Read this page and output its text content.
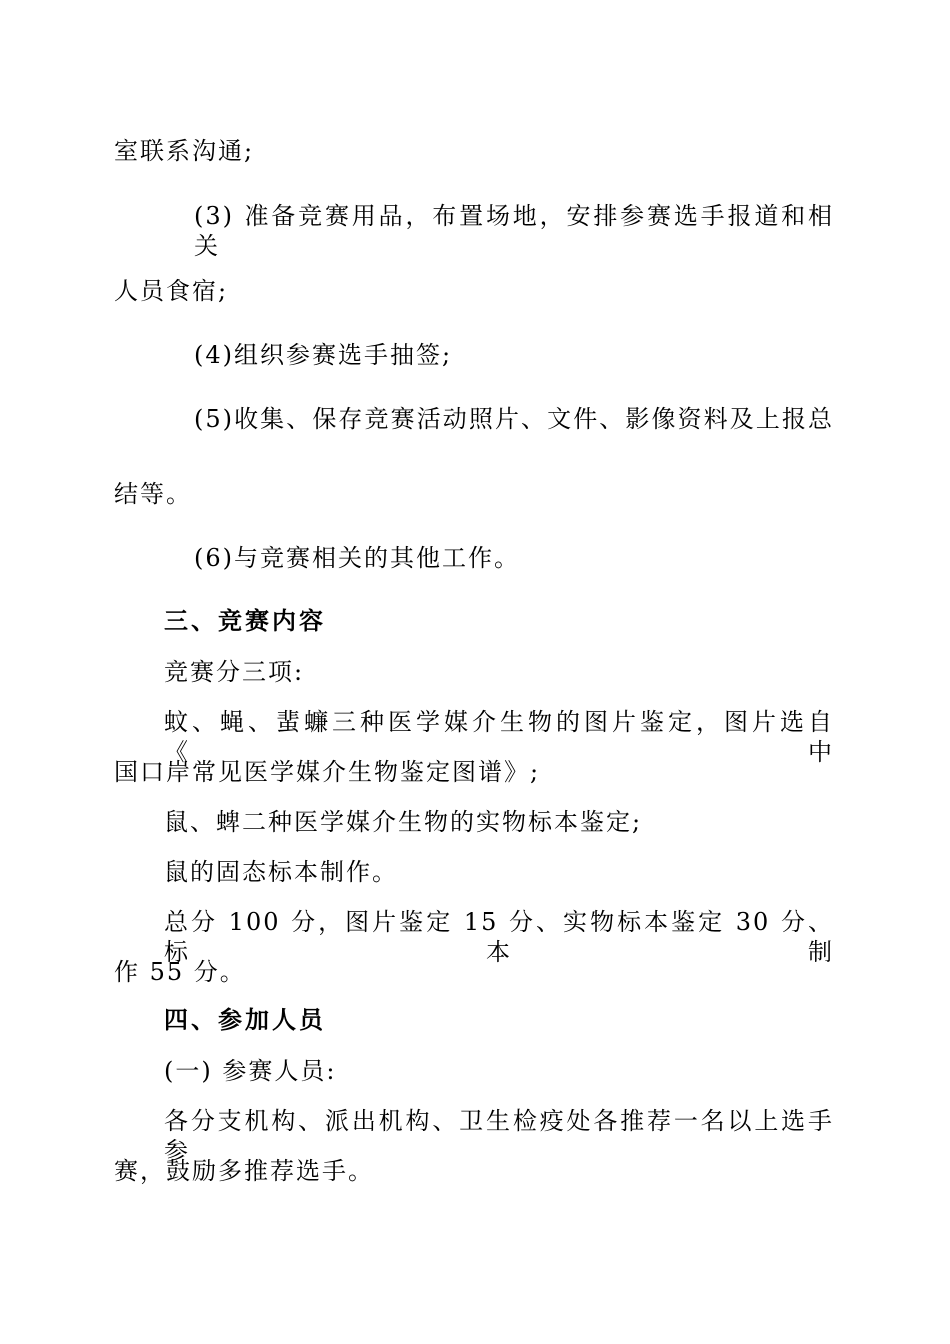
室联系沟通;
(3) 准备竞赛用品，布置场地，安排参赛选手报道和相关
人员食宿;
(4)组织参赛选手抽签;
(5)收集、保存竞赛活动照片、文件、影像资料及上报总
结等。
(6)与竞赛相关的其他工作。
三、竞赛内容
竞赛分三项:
蚊、蝇、蜚蠊三种医学媒介生物的图片鉴定，图片选自《中
国口岸常见医学媒介生物鉴定图谱》;
鼠、蜱二种医学媒介生物的实物标本鉴定;
鼠的固态标本制作。
总分 100 分，图片鉴定 15 分、实物标本鉴定 30 分、标本制
作 55 分。
四、参加人员
(一) 参赛人员:
各分支机构、派出机构、卫生检疫处各推荐一名以上选手参
赛，鼓励多推荐选手。
